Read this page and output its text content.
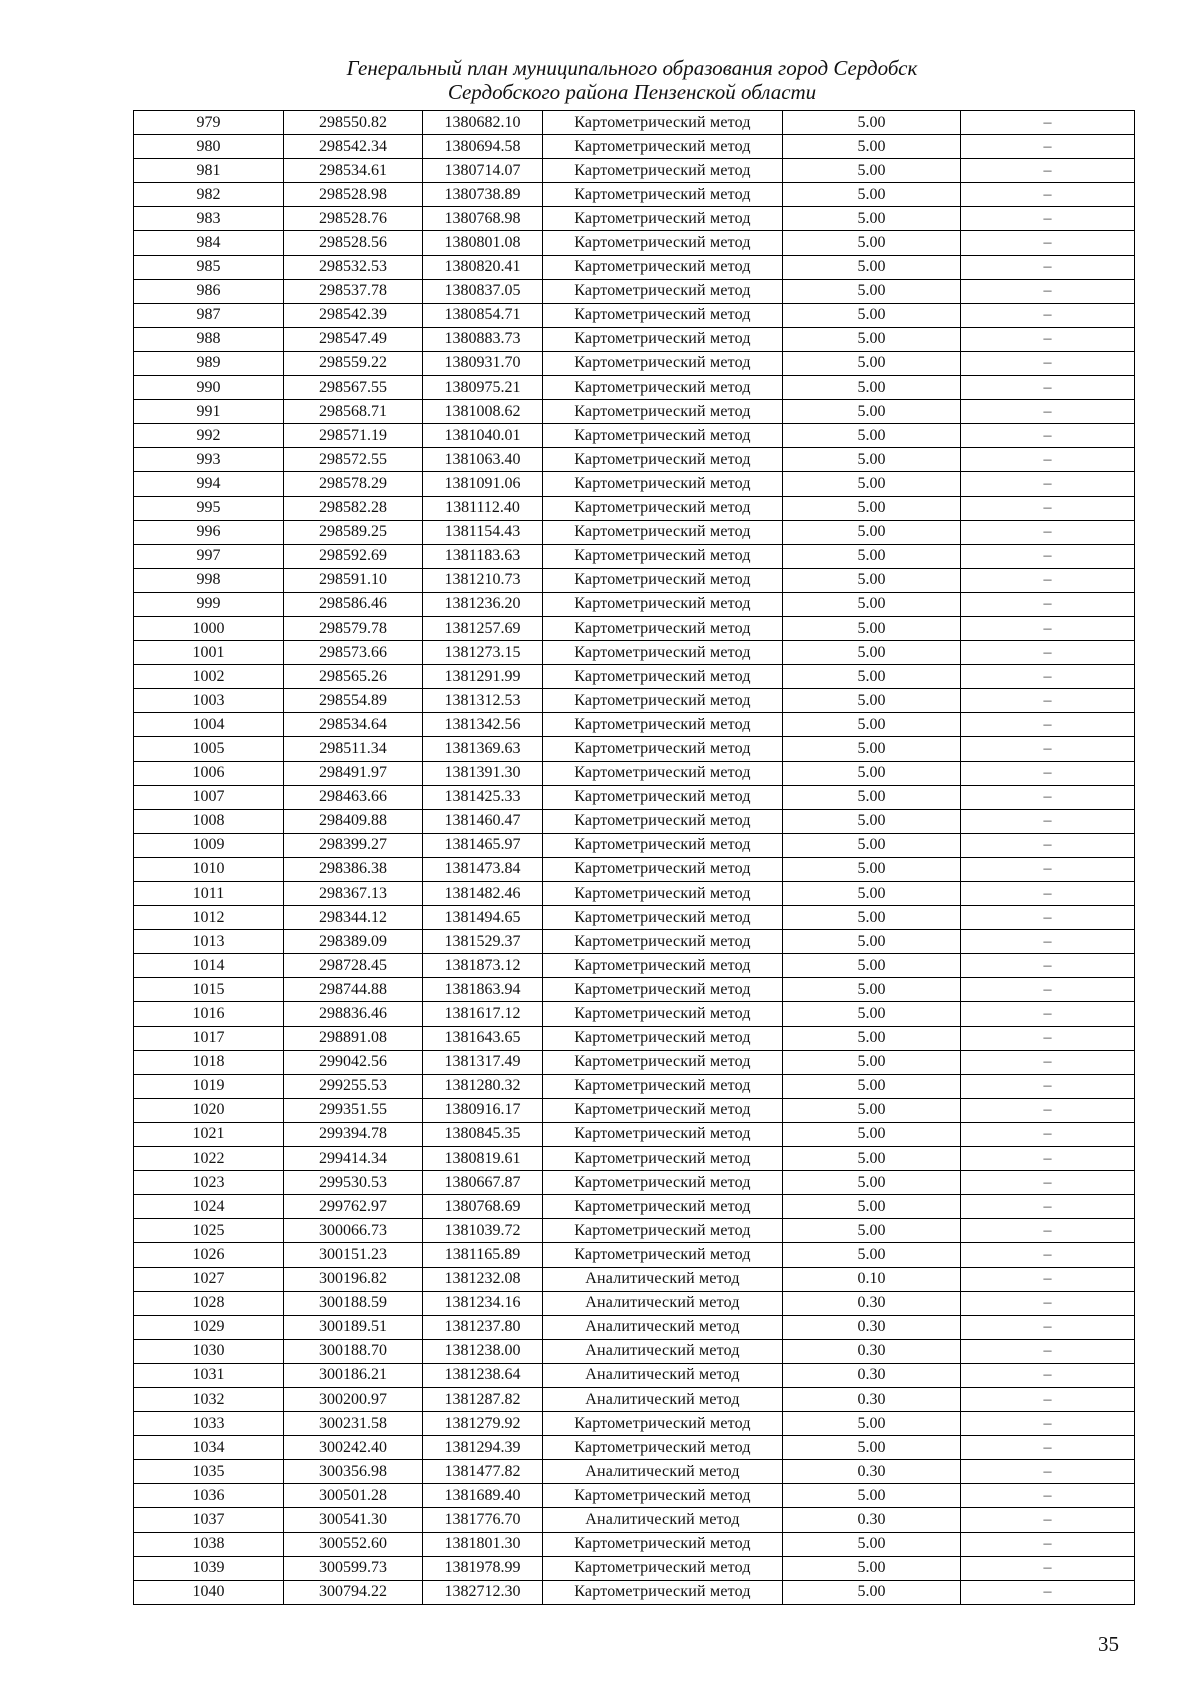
Генеральный план муниципального образования город Сердобск
Сердобского района Пензенской области
979	298550.82	1380682.10	Картометрический метод	5.00	–
980	298542.34	1380694.58	Картометрический метод	5.00	–
981	298534.61	1380714.07	Картометрический метод	5.00	–
982	298528.98	1380738.89	Картометрический метод	5.00	–
983	298528.76	1380768.98	Картометрический метод	5.00	–
984	298528.56	1380801.08	Картометрический метод	5.00	–
985	298532.53	1380820.41	Картометрический метод	5.00	–
986	298537.78	1380837.05	Картометрический метод	5.00	–
987	298542.39	1380854.71	Картометрический метод	5.00	–
988	298547.49	1380883.73	Картометрический метод	5.00	–
989	298559.22	1380931.70	Картометрический метод	5.00	–
990	298567.55	1380975.21	Картометрический метод	5.00	–
991	298568.71	1381008.62	Картометрический метод	5.00	–
992	298571.19	1381040.01	Картометрический метод	5.00	–
993	298572.55	1381063.40	Картометрический метод	5.00	–
994	298578.29	1381091.06	Картометрический метод	5.00	–
995	298582.28	1381112.40	Картометрический метод	5.00	–
996	298589.25	1381154.43	Картометрический метод	5.00	–
997	298592.69	1381183.63	Картометрический метод	5.00	–
998	298591.10	1381210.73	Картометрический метод	5.00	–
999	298586.46	1381236.20	Картометрический метод	5.00	–
1000	298579.78	1381257.69	Картометрический метод	5.00	–
1001	298573.66	1381273.15	Картометрический метод	5.00	–
1002	298565.26	1381291.99	Картометрический метод	5.00	–
1003	298554.89	1381312.53	Картометрический метод	5.00	–
1004	298534.64	1381342.56	Картометрический метод	5.00	–
1005	298511.34	1381369.63	Картометрический метод	5.00	–
1006	298491.97	1381391.30	Картометрический метод	5.00	–
1007	298463.66	1381425.33	Картометрический метод	5.00	–
1008	298409.88	1381460.47	Картометрический метод	5.00	–
1009	298399.27	1381465.97	Картометрический метод	5.00	–
1010	298386.38	1381473.84	Картометрический метод	5.00	–
1011	298367.13	1381482.46	Картометрический метод	5.00	–
1012	298344.12	1381494.65	Картометрический метод	5.00	–
1013	298389.09	1381529.37	Картометрический метод	5.00	–
1014	298728.45	1381873.12	Картометрический метод	5.00	–
1015	298744.88	1381863.94	Картометрический метод	5.00	–
1016	298836.46	1381617.12	Картометрический метод	5.00	–
1017	298891.08	1381643.65	Картометрический метод	5.00	–
1018	299042.56	1381317.49	Картометрический метод	5.00	–
1019	299255.53	1381280.32	Картометрический метод	5.00	–
1020	299351.55	1380916.17	Картометрический метод	5.00	–
1021	299394.78	1380845.35	Картометрический метод	5.00	–
1022	299414.34	1380819.61	Картометрический метод	5.00	–
1023	299530.53	1380667.87	Картометрический метод	5.00	–
1024	299762.97	1380768.69	Картометрический метод	5.00	–
1025	300066.73	1381039.72	Картометрический метод	5.00	–
1026	300151.23	1381165.89	Картометрический метод	5.00	–
1027	300196.82	1381232.08	Аналитический метод	0.10	–
1028	300188.59	1381234.16	Аналитический метод	0.30	–
1029	300189.51	1381237.80	Аналитический метод	0.30	–
1030	300188.70	1381238.00	Аналитический метод	0.30	–
1031	300186.21	1381238.64	Аналитический метод	0.30	–
1032	300200.97	1381287.82	Аналитический метод	0.30	–
1033	300231.58	1381279.92	Картометрический метод	5.00	–
1034	300242.40	1381294.39	Картометрический метод	5.00	–
1035	300356.98	1381477.82	Аналитический метод	0.30	–
1036	300501.28	1381689.40	Картометрический метод	5.00	–
1037	300541.30	1381776.70	Аналитический метод	0.30	–
1038	300552.60	1381801.30	Картометрический метод	5.00	–
1039	300599.73	1381978.99	Картометрический метод	5.00	–
1040	300794.22	1382712.30	Картометрический метод	5.00	–
35
